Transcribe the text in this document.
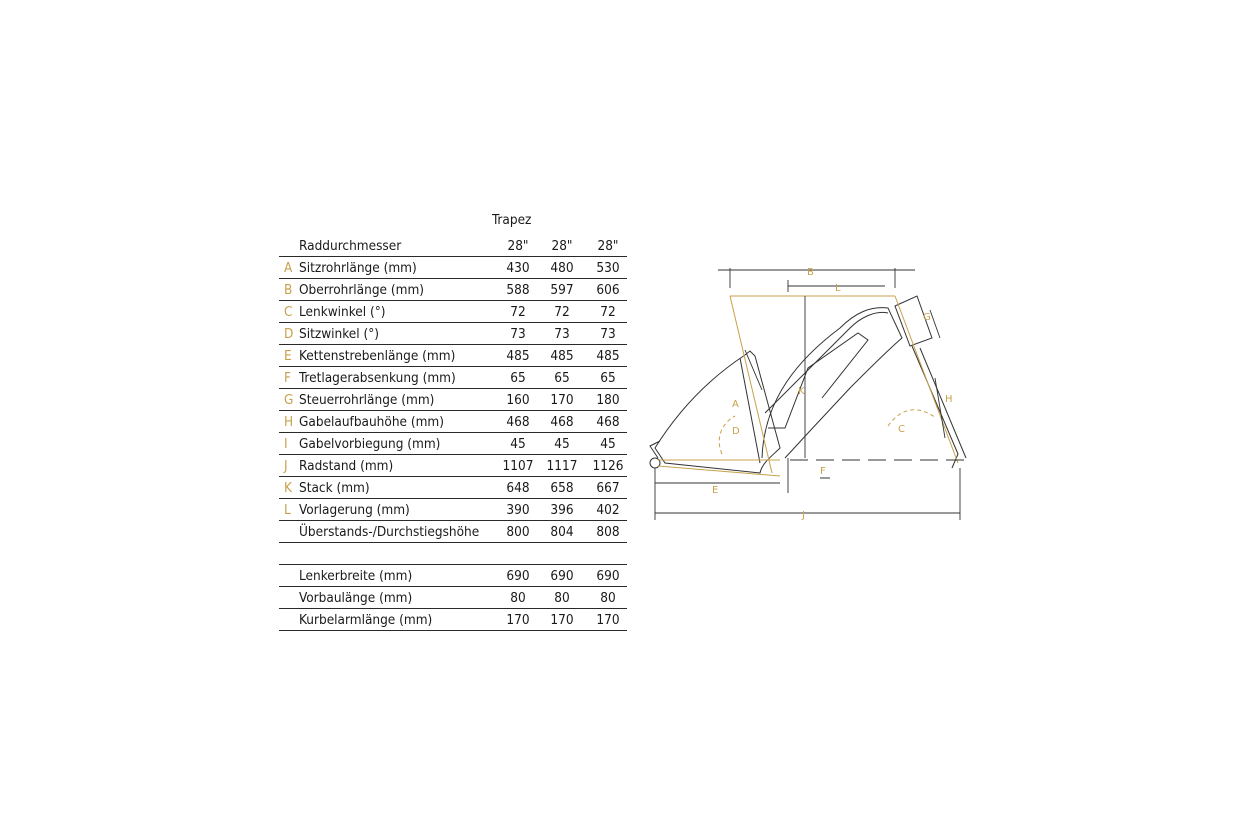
Trapez
Raddurchmesser	28"	28"	28"
A Sitzrohrlänge (mm)	430	480	530
B Oberrohrlänge (mm)	588	597	606
C Lenkwinkel (°)	72	72	72
D Sitzwinkel (°)	73	73	73
E Kettenstrebenlänge (mm)	485	485	485
F Tretlagerabsenkung (mm)	65	65	65
G Steuerrohrlänge (mm)	160	170	180
H Gabelaufbauhöhe (mm)	468	468	468
I Gabelvorbiegung (mm)	45	45	45
J Radstand (mm)	1107 1117 1126
K Stack (mm)	648	658	667
L Vorlagerung (mm)	390	396	402
Überstands-/Durchstiegshöhe	800	804	808
Lenkerbreite (mm)	690	690	690
Vorbaulänge (mm)	80	80	80
Kurbelarmlänge (mm)	170	170	170
B
L
G
H
C
A
D
K
F
E
J
